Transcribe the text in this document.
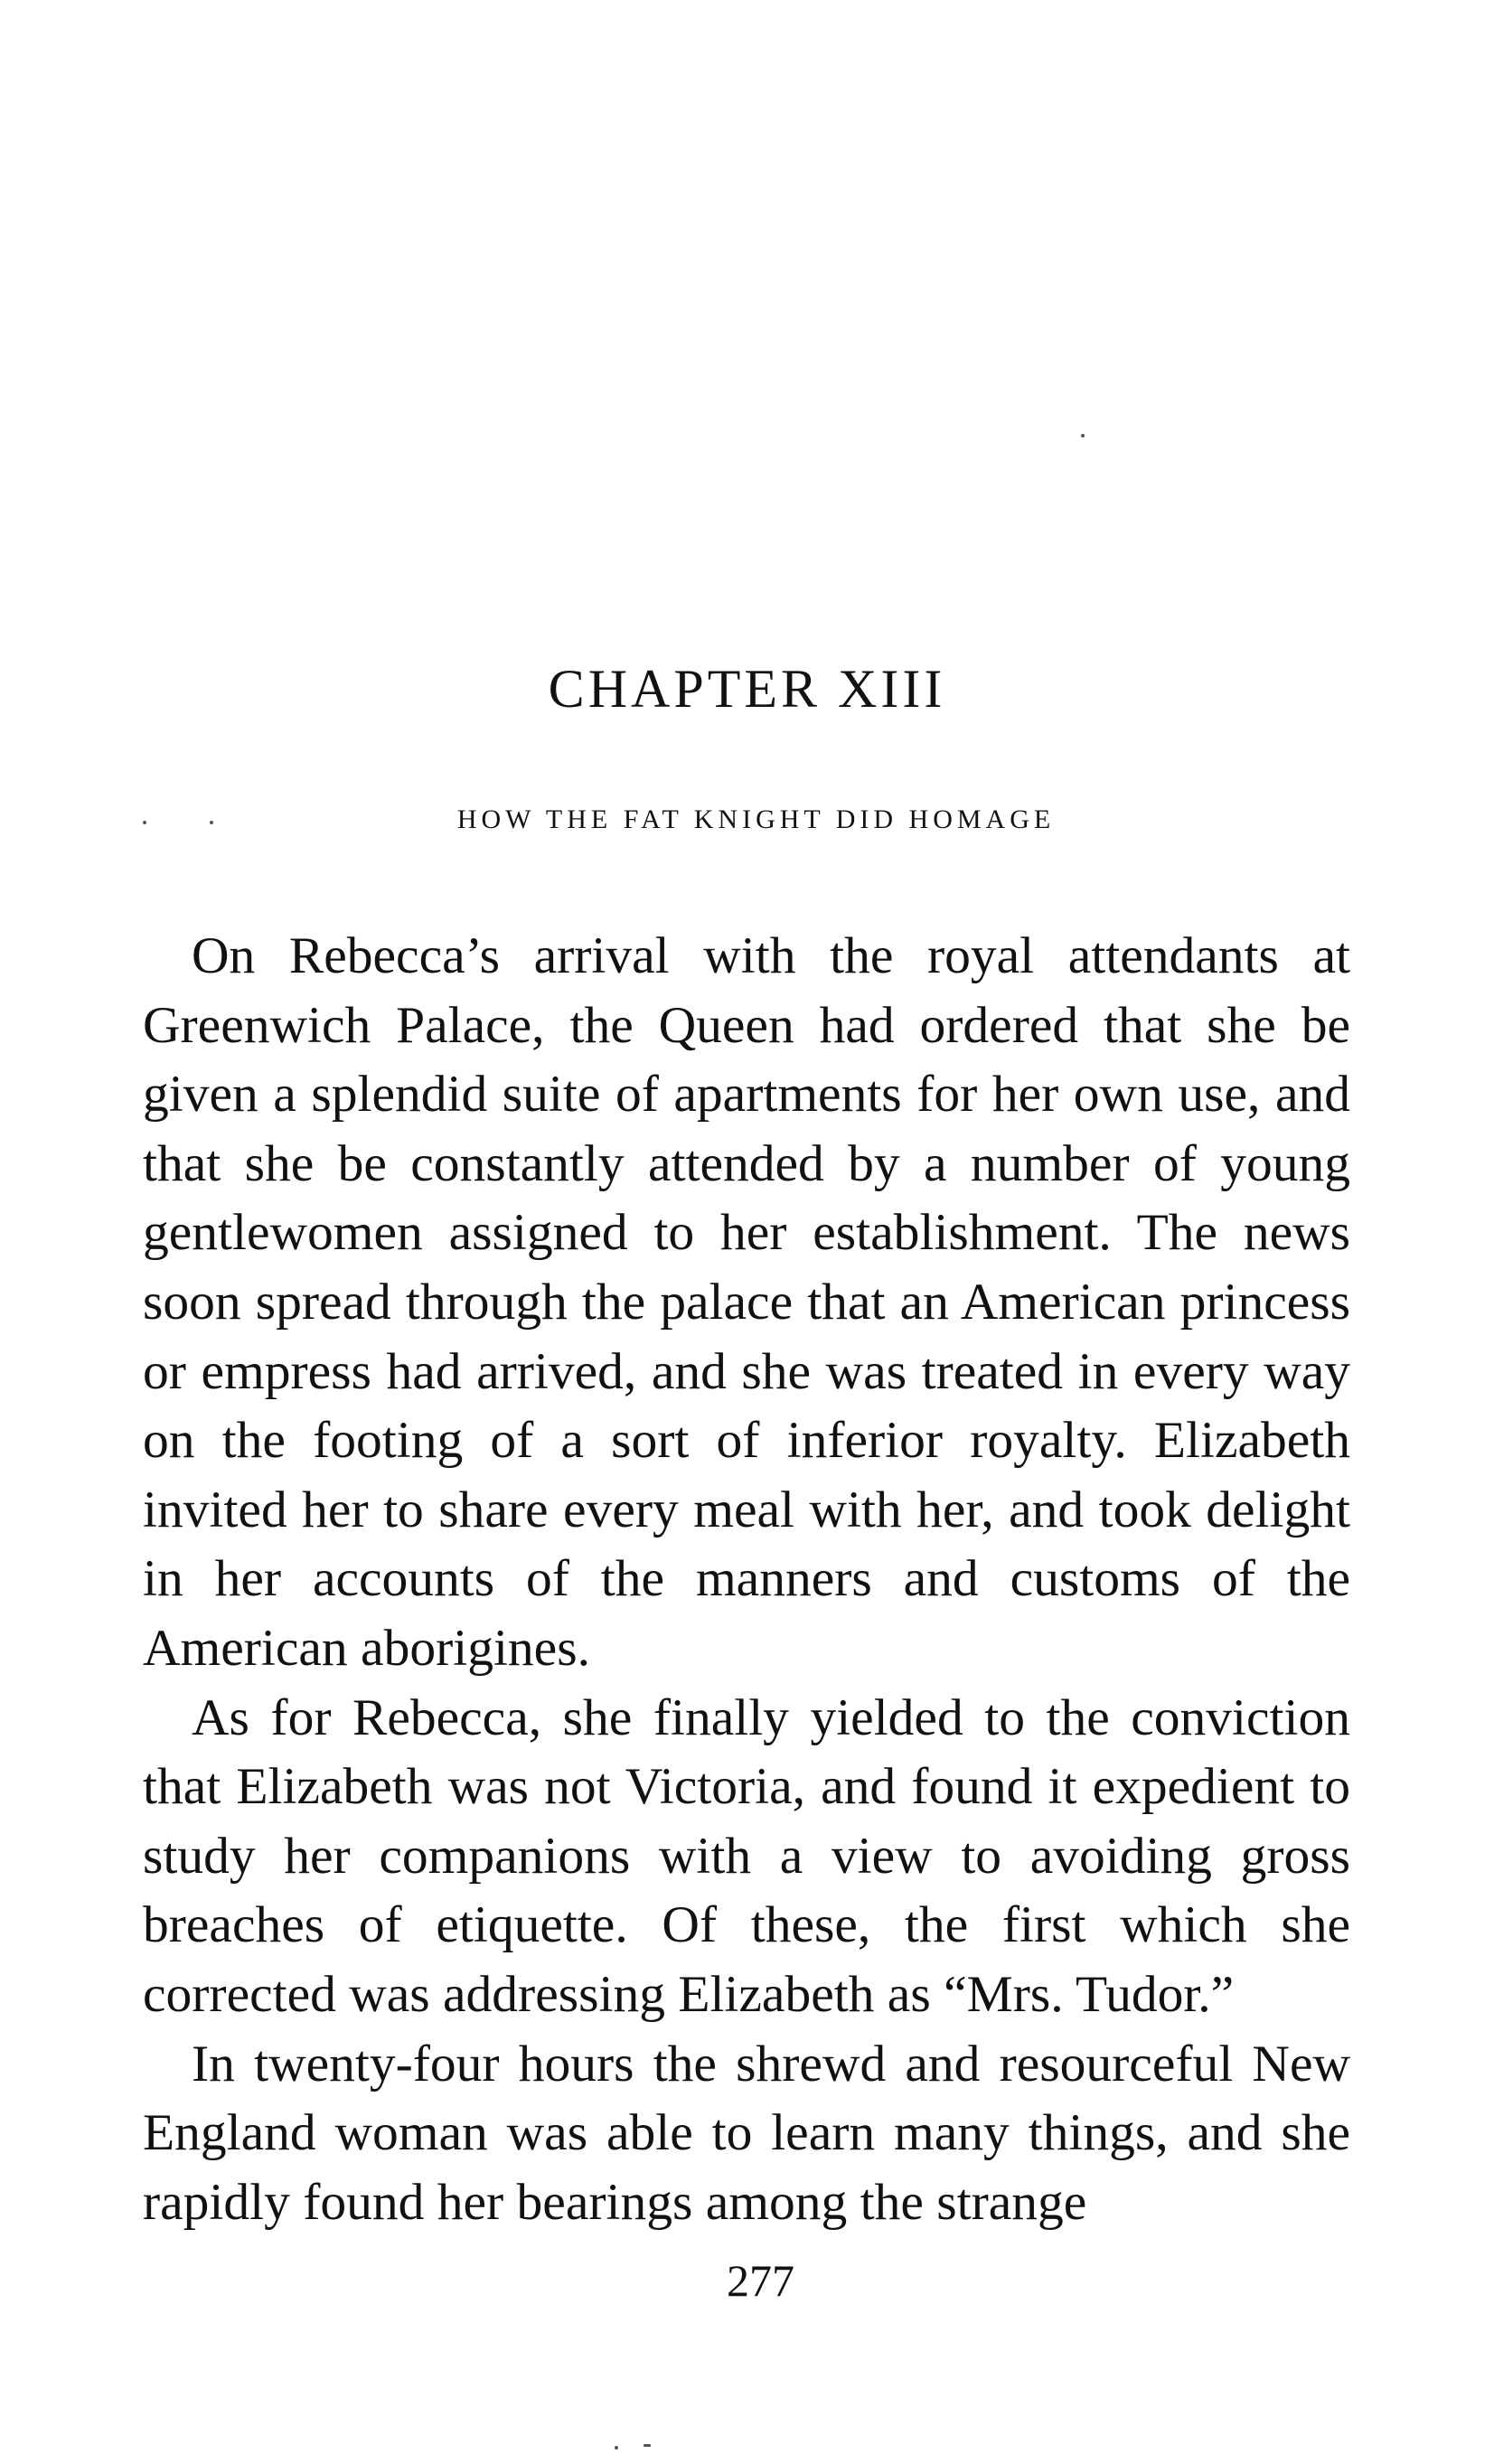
CHAPTER XIII
HOW THE FAT KNIGHT DID HOMAGE

On Rebecca’s arrival with the royal attendants at Greenwich Palace, the Queen had ordered that she be given a splendid suite of apartments for her own use, and that she be constantly attended by a number of young gentlewomen assigned to her establishment. The news soon spread through the palace that an American princess or empress had arrived, and she was treated in every way on the footing of a sort of inferior royalty. Elizabeth invited her to share every meal with her, and took delight in her accounts of the manners and customs of the American aborigines.

As for Rebecca, she finally yielded to the conviction that Elizabeth was not Victoria, and found it expedient to study her companions with a view to avoiding gross breaches of etiquette. Of these, the first which she corrected was addressing Elizabeth as “Mrs. Tudor.”

In twenty-four hours the shrewd and resourceful New England woman was able to learn many things, and she rapidly found her bearings among the strange

277
